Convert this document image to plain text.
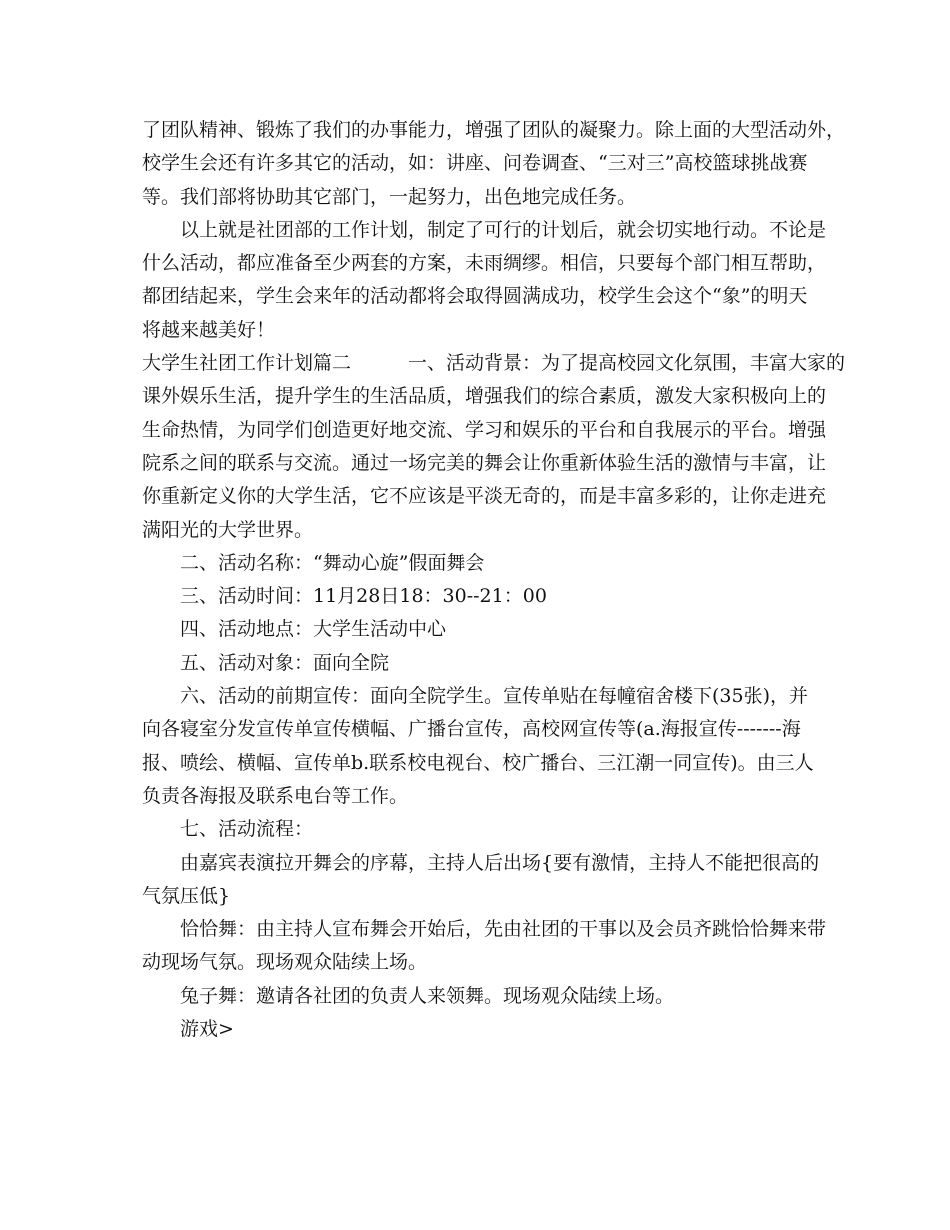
了团队精神、锻炼了我们的办事能力，增强了团队的凝聚力。除上面的大型活动外，
校学生会还有许多其它的活动，如：讲座、问卷调查、“三对三”高校篮球挑战赛
等。我们部将协助其它部门，一起努力，出色地完成任务。
以上就是社团部的工作计划，制定了可行的计划后，就会切实地行动。不论是
什么活动，都应准备至少两套的方案，未雨绸缪。相信，只要每个部门相互帮助，
都团结起来，学生会来年的活动都将会取得圆满成功，校学生会这个“象”的明天
将越来越美好！
大学生社团工作计划篇二　　　一、活动背景：为了提高校园文化氛围，丰富大家的
课外娱乐生活，提升学生的生活品质，增强我们的综合素质，激发大家积极向上的
生命热情，为同学们创造更好地交流、学习和娱乐的平台和自我展示的平台。增强
院系之间的联系与交流。通过一场完美的舞会让你重新体验生活的激情与丰富，让
你重新定义你的大学生活，它不应该是平淡无奇的，而是丰富多彩的，让你走进充
满阳光的大学世界。
二、活动名称：“舞动心旋”假面舞会
三、活动时间：11月28日18：30--21：00
四、活动地点：大学生活动中心
五、活动对象：面向全院
六、活动的前期宣传：面向全院学生。宣传单贴在每幢宿舍楼下(35张)，并
向各寝室分发宣传单宣传横幅、广播台宣传，高校网宣传等(a.海报宣传-------海
报、喷绘、横幅、宣传单b.联系校电视台、校广播台、三江潮一同宣传)。由三人
负责各海报及联系电台等工作。
七、活动流程：
由嘉宾表演拉开舞会的序幕，主持人后出场{要有激情，主持人不能把很高的
气氛压低}
恰恰舞：由主持人宣布舞会开始后，先由社团的干事以及会员齐跳恰恰舞来带
动现场气氛。现场观众陆续上场。
兔子舞：邀请各社团的负责人来领舞。现场观众陆续上场。
游戏>
